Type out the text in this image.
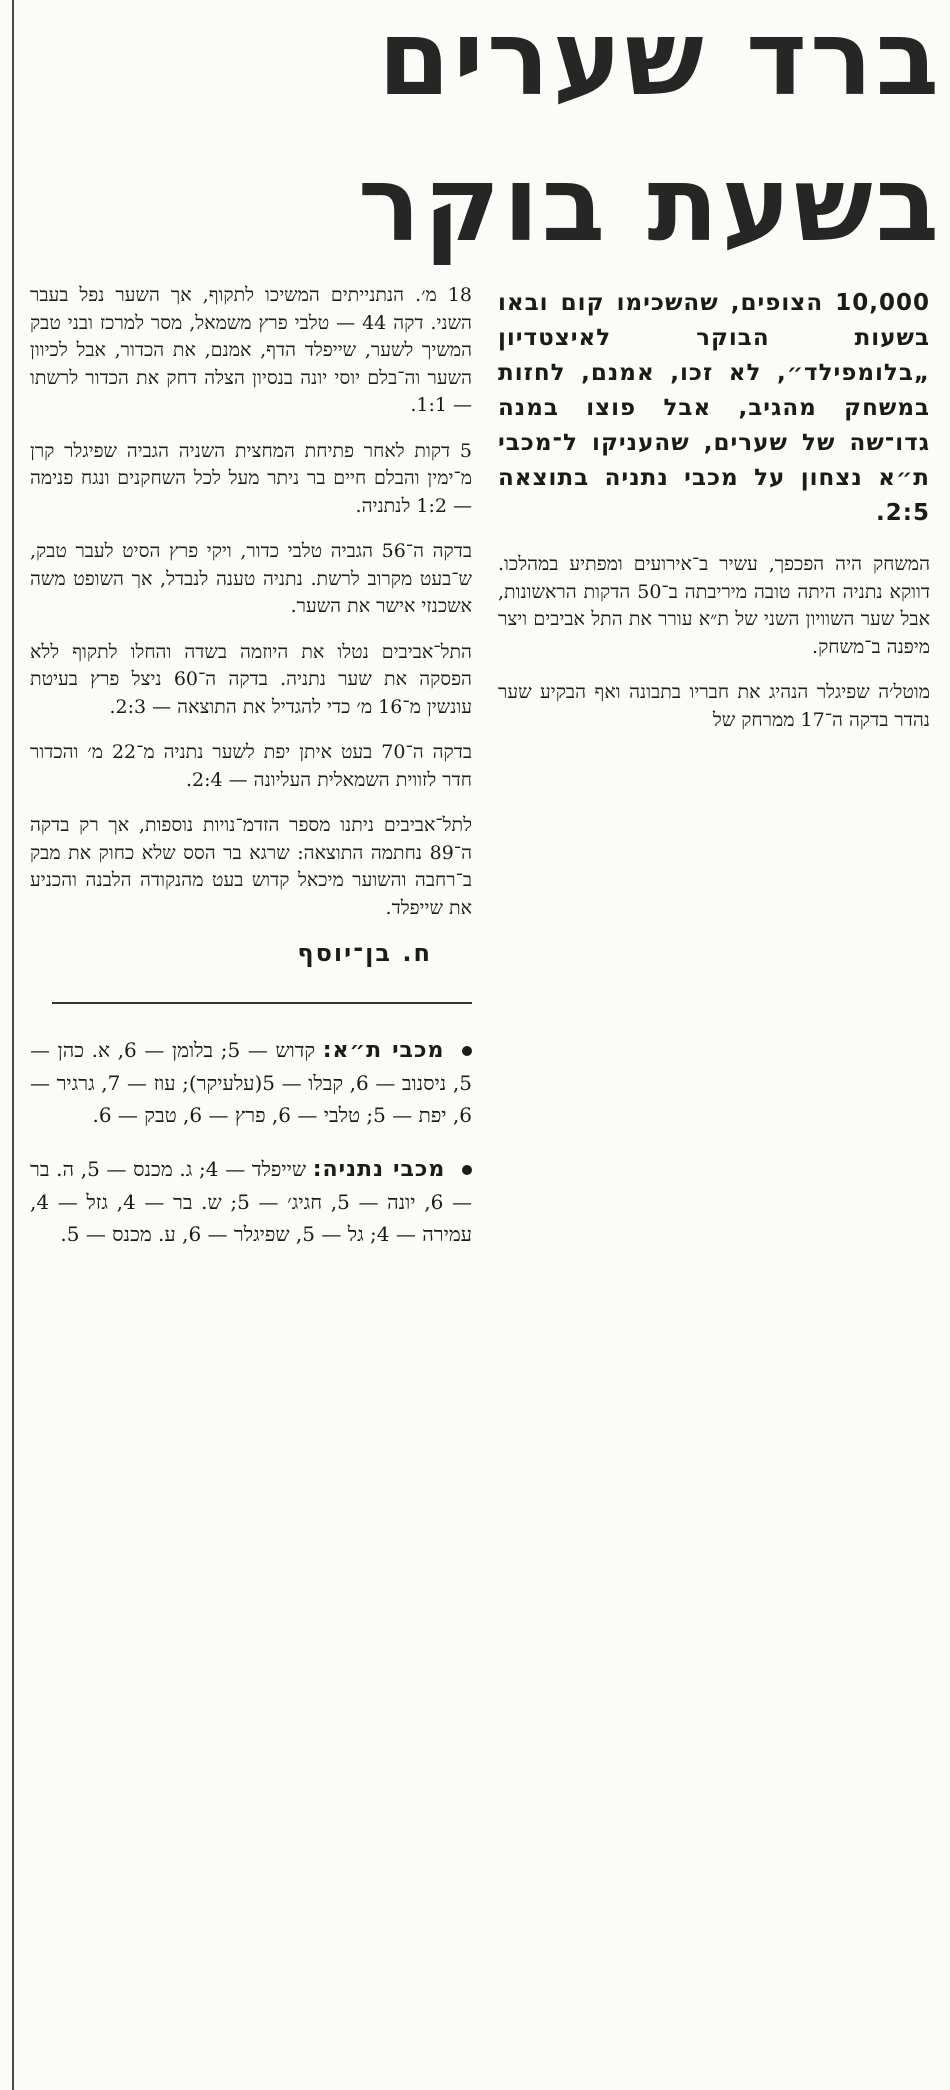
ברד שערים
בשעת בוקר
10,000 הצופים, שהשכימו קום ובאו בשעות הבוקר לאיצטדיון „בלומפילד״, לא זכו, אמנם, לחזות במשחק מהגיב, אבל פוצו במנה גדו־שה של שערים, שהעניקו ל־מכבי ת״א נצחון על מכבי נתניה בתוצאה 2:5.

המשחק היה הפכפך, עשיר ב־אירועים ומפתיע במהלכו. דווקא נתניה היתה טובה מיריבתה ב־50 הדקות הראשונות, אבל שער השוויון השני של ת״א עורר את התל אביבים ויצר מיפנה ב־משחק.

מוטל׳ה שפיגלר הנהיג את חבריו בתבונה ואף הבקיע שער נהדר בדקה ה־17 ממרחק של

18 מ׳. הנתנייתים המשיכו לתקוף, אך השער נפל בעבר השני. דקה 44 — טלבי פרץ משמאל, מסר למרכז ובני טבק המשיך לשער, שייפלד הדף, אמנם, את הכדור, אבל לכיוון השער וה־בלם יוסי יונה בנסיון הצלה דחק את הכדור לרשתו — 1:1.

5 דקות לאחר פתיחת המחצית השניה הגביה שפיגלר קרן מ־ימין והבלם חיים בר ניתר מעל לכל השחקנים ונגח פנימה — 1:2 לנתניה.

בדקה ה־56 הגביה טלבי כדור, ויקי פרץ הסיט לעבר טבק, ש־בעט מקרוב לרשת. נתניה טענה לנבדל, אך השופט משה אשכנזי אישר את השער.

התל־אביבים נטלו את היוזמה בשדה והחלו לתקוף ללא הפסקה את שער נתניה. בדקה ה־60 ניצל פרץ בעיטת עונשין מ־16 מ׳ כדי להגדיל את התוצאה — 2:3.

בדקה ה־70 בעט איתן יפת לשער נתניה מ־22 מ׳ והכדור חדר לזווית השמאלית העליונה — 2:4.

לתל־אביבים ניתנו מספר הזדמ־נויות נוספות, אך רק בדקה ה־89 נחתמה התוצאה: שרגא בר הסס שלא כחוק את מבק ב־רחבה והשוער מיכאל קדוש בעט מהנקודה הלבנה והכניע את שייפלד.

ח. בן־יוסף
מכבי ת״א: קדוש — 5; בלומן — 6, א. כהן — 5, ניסנוב — 6, קבלו — 5(עלעיקר); עוז — 7, גרגיר — 6, יפת — 5; טלבי — 6, פרץ — 6, טבק — 6.
מכבי נתניה: שייפלד — 4; ג. מכנס — 5, ה. בר — 6, יונה — 5, חגיג׳ — 5; ש. בר — 4, גזל — 4, עמירה — 4; גל — 5, שפיגלר — 6, ע. מכנס — 5.
